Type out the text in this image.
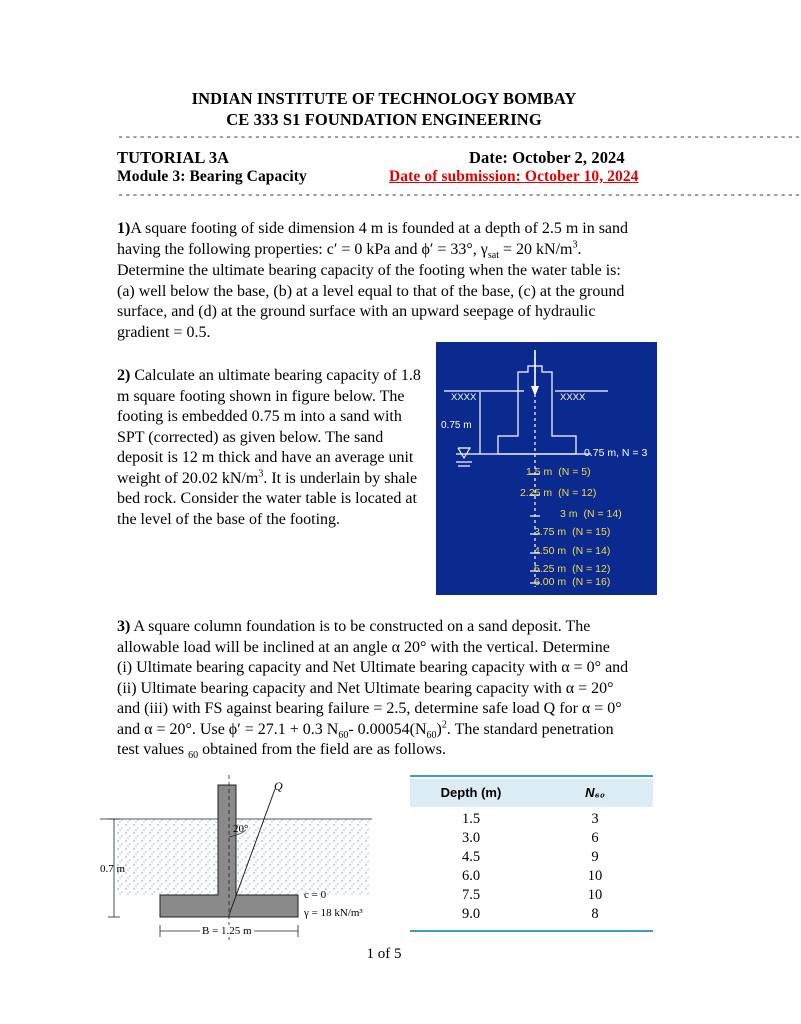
INDIAN INSTITUTE OF TECHNOLOGY BOMBAY
CE 333 S1 FOUNDATION ENGINEERING
-----------------------------------------------------------------------------------------------
TUTORIAL 3A	Date: October 2, 2024
Module 3: Bearing Capacity	Date of submission: October 10, 2024
-----------------------------------------------------------------------------------------------
1)A square footing of side dimension 4 m is founded at a depth of 2.5 m in sand
having the following properties: c′ = 0 kPa and ϕ′ = 33°, $\gamma_{sat} = 20$ $kN/m^3$.
Determine the ultimate bearing capacity of the footing when the water table is:
(a) well below the base, (b) at a level equal to that of the base, (c) at the ground
surface, and (d) at the ground surface with an upward seepage of hydraulic
gradient = 0.5.
2) Calculate an ultimate bearing capacity of 1.8
m square footing shown in figure below. The
footing is embedded 0.75 m into a sand with
SPT (corrected) as given below. The sand
deposit is 12 m thick and have an average unit
weight of 20.02 $kN/m^3$. It is underlain by shale
bed rock. Consider the water table is located at
the level of the base of the footing.
XXXX	XXXX
0.75 m
0.75 m, N = 3
1.5 m (N = 5)
2.25 m (N = 12)
3 m (N = 14)
3.75 m (N = 15)
4.50 m (N = 14)
5.25 m (N = 12)
6.00 m (N = 16)
3) A square column foundation is to be constructed on a sand deposit. The
allowable load will be inclined at an angle α 20° with the vertical. Determine
(i) Ultimate bearing capacity and Net Ultimate bearing capacity with α = 0° and
(ii) Ultimate bearing capacity and Net Ultimate bearing capacity with α = 20°
and (iii) with FS against bearing failure = 2.5, determine safe load Q for α = 0°
and α = 20°. Use ϕ′ = 27.1 + 0.3 $N_{60}-$ $0.00054(N_{60})^2$. The standard penetration
test values $_{60}$ obtained from the field are as follows.
Q
20°
0.7 m
c = 0
γ = 18 kN/m³
B = 1.25 m
Depth (m)	N₆₀
1.5	3
3.0	6
4.5	9
6.0	10
7.5	10
9.0	8
1 of 5
